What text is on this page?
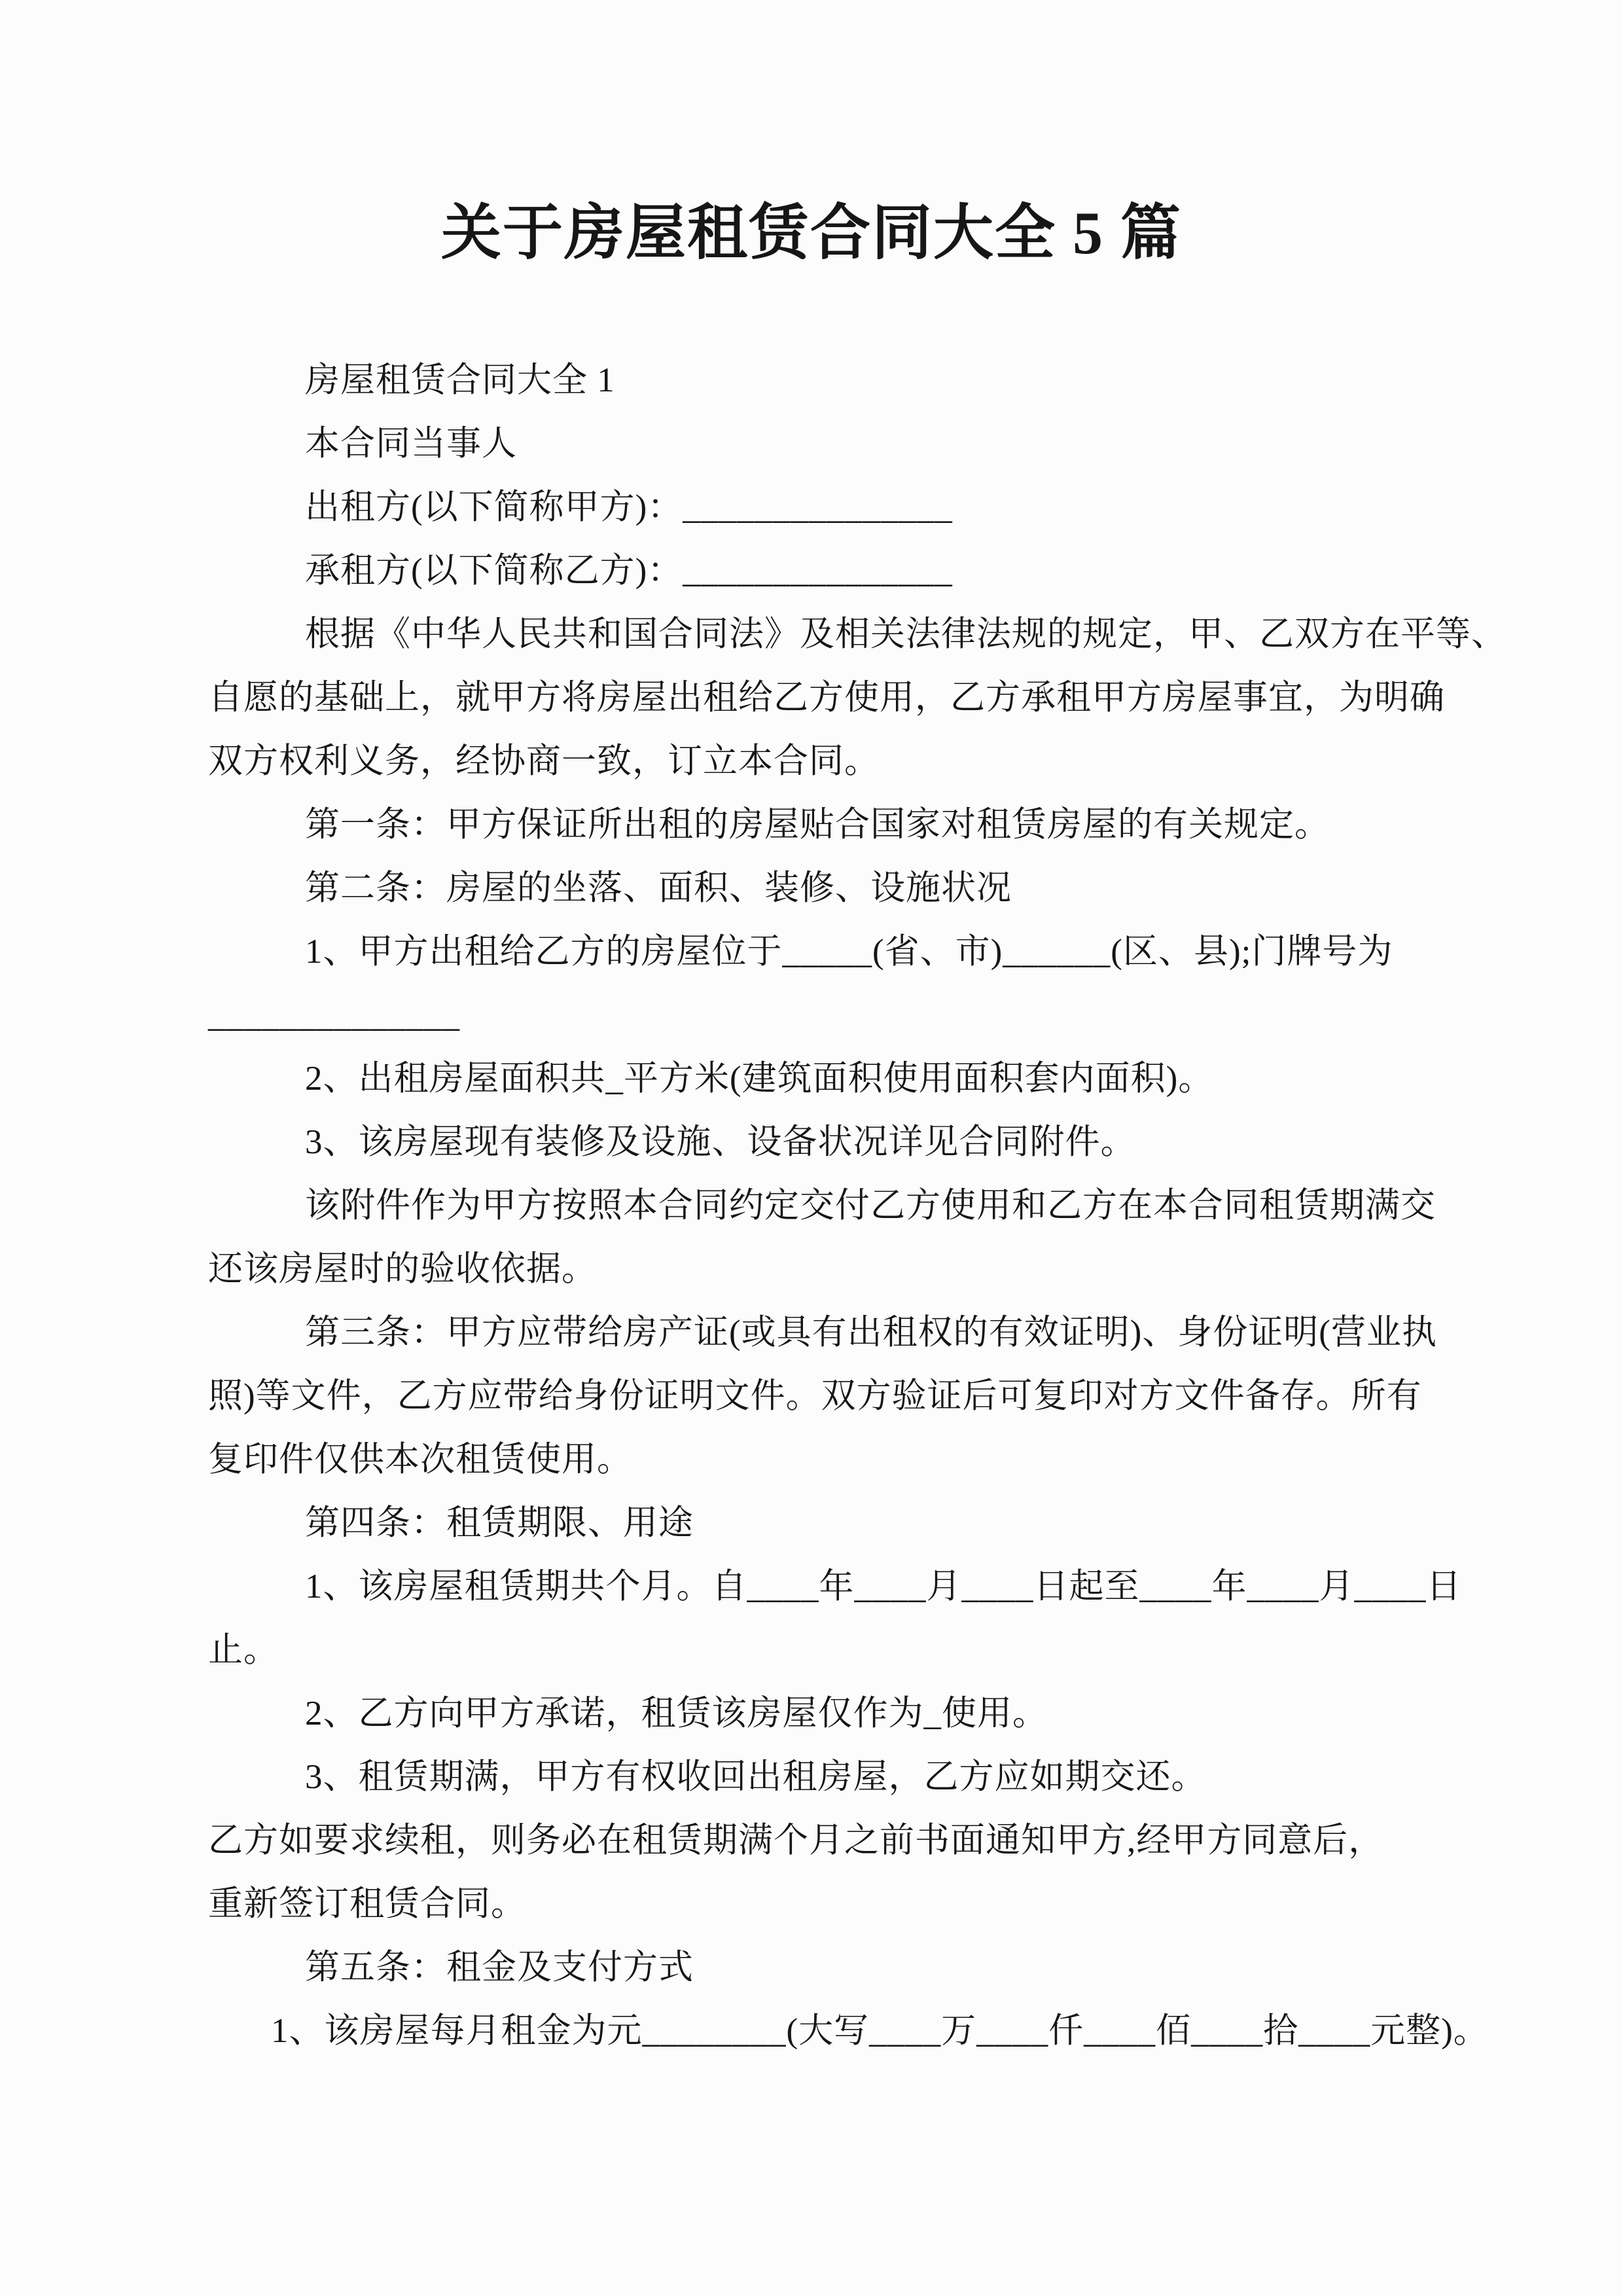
关于房屋租赁合同大全 5 篇
房屋租赁合同大全 1
本合同当事人
出租方(以下简称甲方)：_______________
承租方(以下简称乙方)：_______________
根据《中华人民共和国合同法》及相关法律法规的规定，甲、乙双方在平等、
自愿的基础上，就甲方将房屋出租给乙方使用，乙方承租甲方房屋事宜，为明确
双方权利义务，经协商一致，订立本合同。
第一条：甲方保证所出租的房屋贴合国家对租赁房屋的有关规定。
第二条：房屋的坐落、面积、装修、设施状况
1、甲方出租给乙方的房屋位于_____(省、市)______(区、县);门牌号为
______________
2、出租房屋面积共_平方米(建筑面积使用面积套内面积)。
3、该房屋现有装修及设施、设备状况详见合同附件。
该附件作为甲方按照本合同约定交付乙方使用和乙方在本合同租赁期满交
还该房屋时的验收依据。
第三条：甲方应带给房产证(或具有出租权的有效证明)、身份证明(营业执
照)等文件，乙方应带给身份证明文件。双方验证后可复印对方文件备存。所有
复印件仅供本次租赁使用。
第四条：租赁期限、用途
1、该房屋租赁期共个月。自____年____月____日起至____年____月____日
止。
2、乙方向甲方承诺，租赁该房屋仅作为_使用。
3、租赁期满，甲方有权收回出租房屋，乙方应如期交还。
乙方如要求续租，则务必在租赁期满个月之前书面通知甲方,经甲方同意后，
重新签订租赁合同。
第五条：租金及支付方式
1、该房屋每月租金为元________(大写____万____仟____佰____拾____元整)。
